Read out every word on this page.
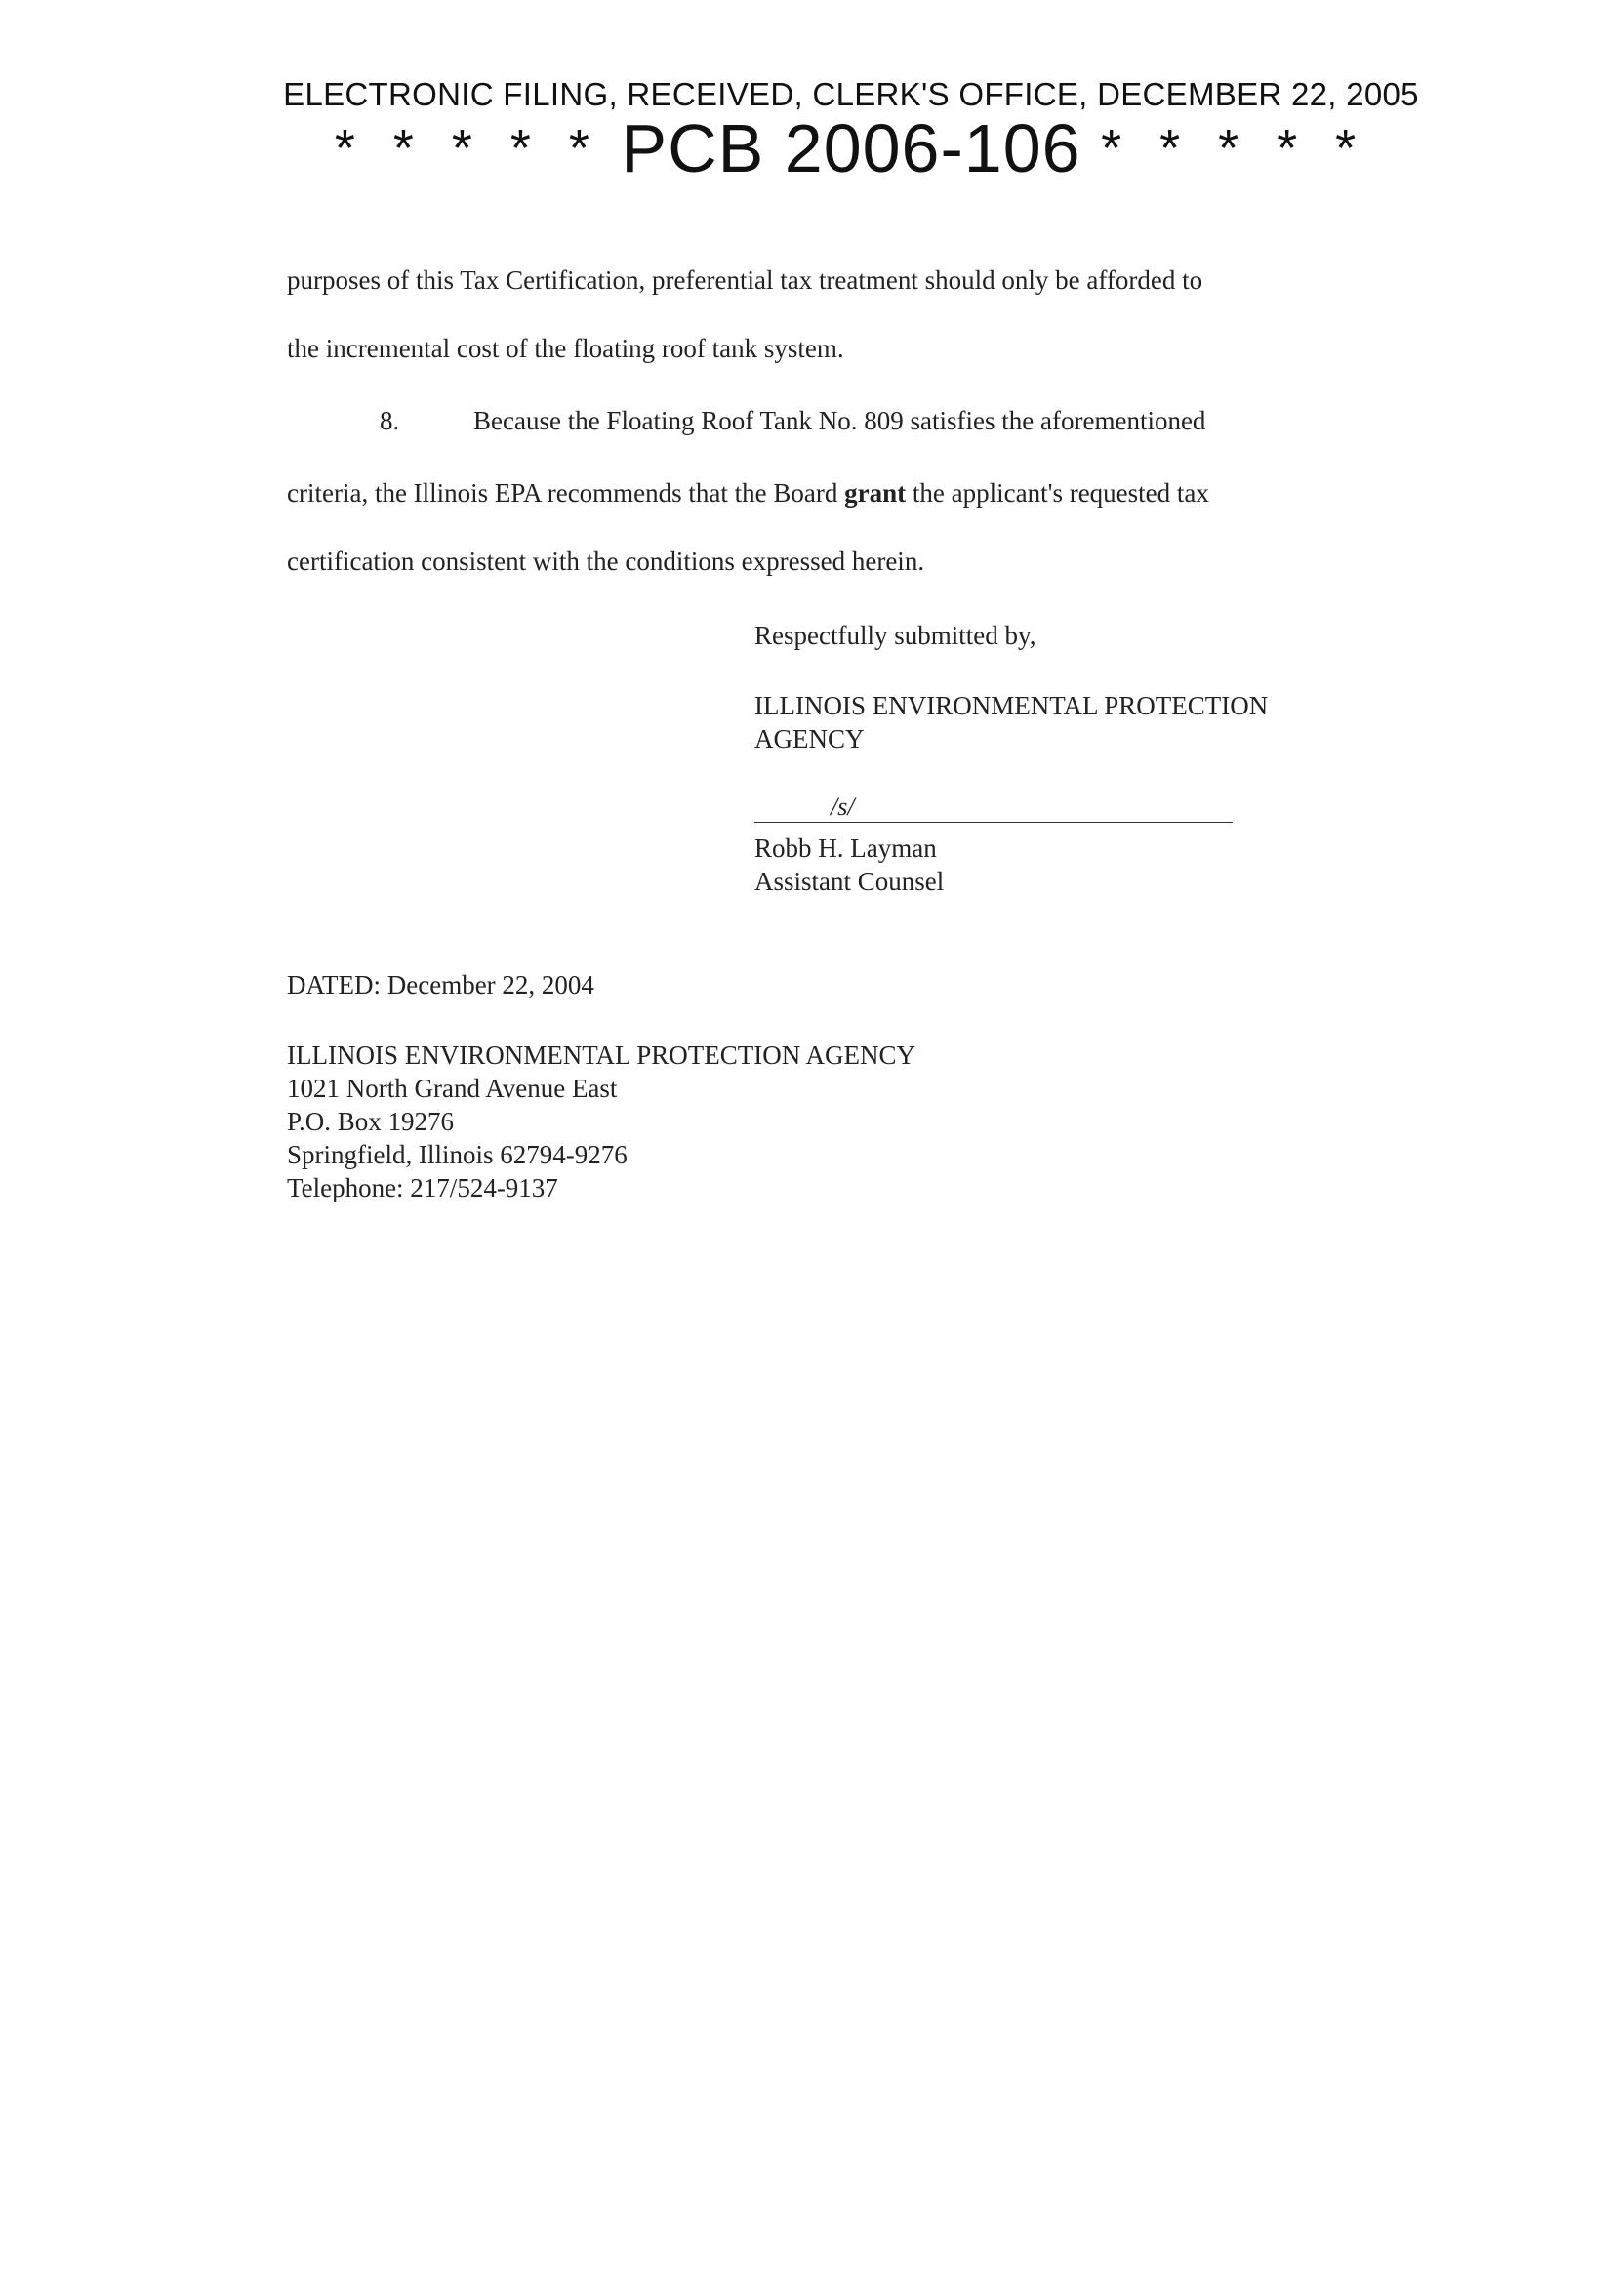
ELECTRONIC FILING, RECEIVED, CLERK'S OFFICE, DECEMBER 22, 2005
* * * * * PCB 2006-106 * * * * *
purposes of this Tax Certification, preferential tax treatment should only be afforded to
the incremental cost of the floating roof tank system.
8.	Because the Floating Roof Tank No. 809 satisfies the aforementioned
criteria, the Illinois EPA recommends that the Board grant the applicant's requested tax
certification consistent with the conditions expressed herein.
Respectfully submitted by,
ILLINOIS ENVIRONMENTAL PROTECTION
AGENCY
/s/
Robb H. Layman
Assistant Counsel
DATED: December 22, 2004
ILLINOIS ENVIRONMENTAL PROTECTION AGENCY
1021 North Grand Avenue East
P.O. Box 19276
Springfield, Illinois 62794-9276
Telephone: 217/524-9137
